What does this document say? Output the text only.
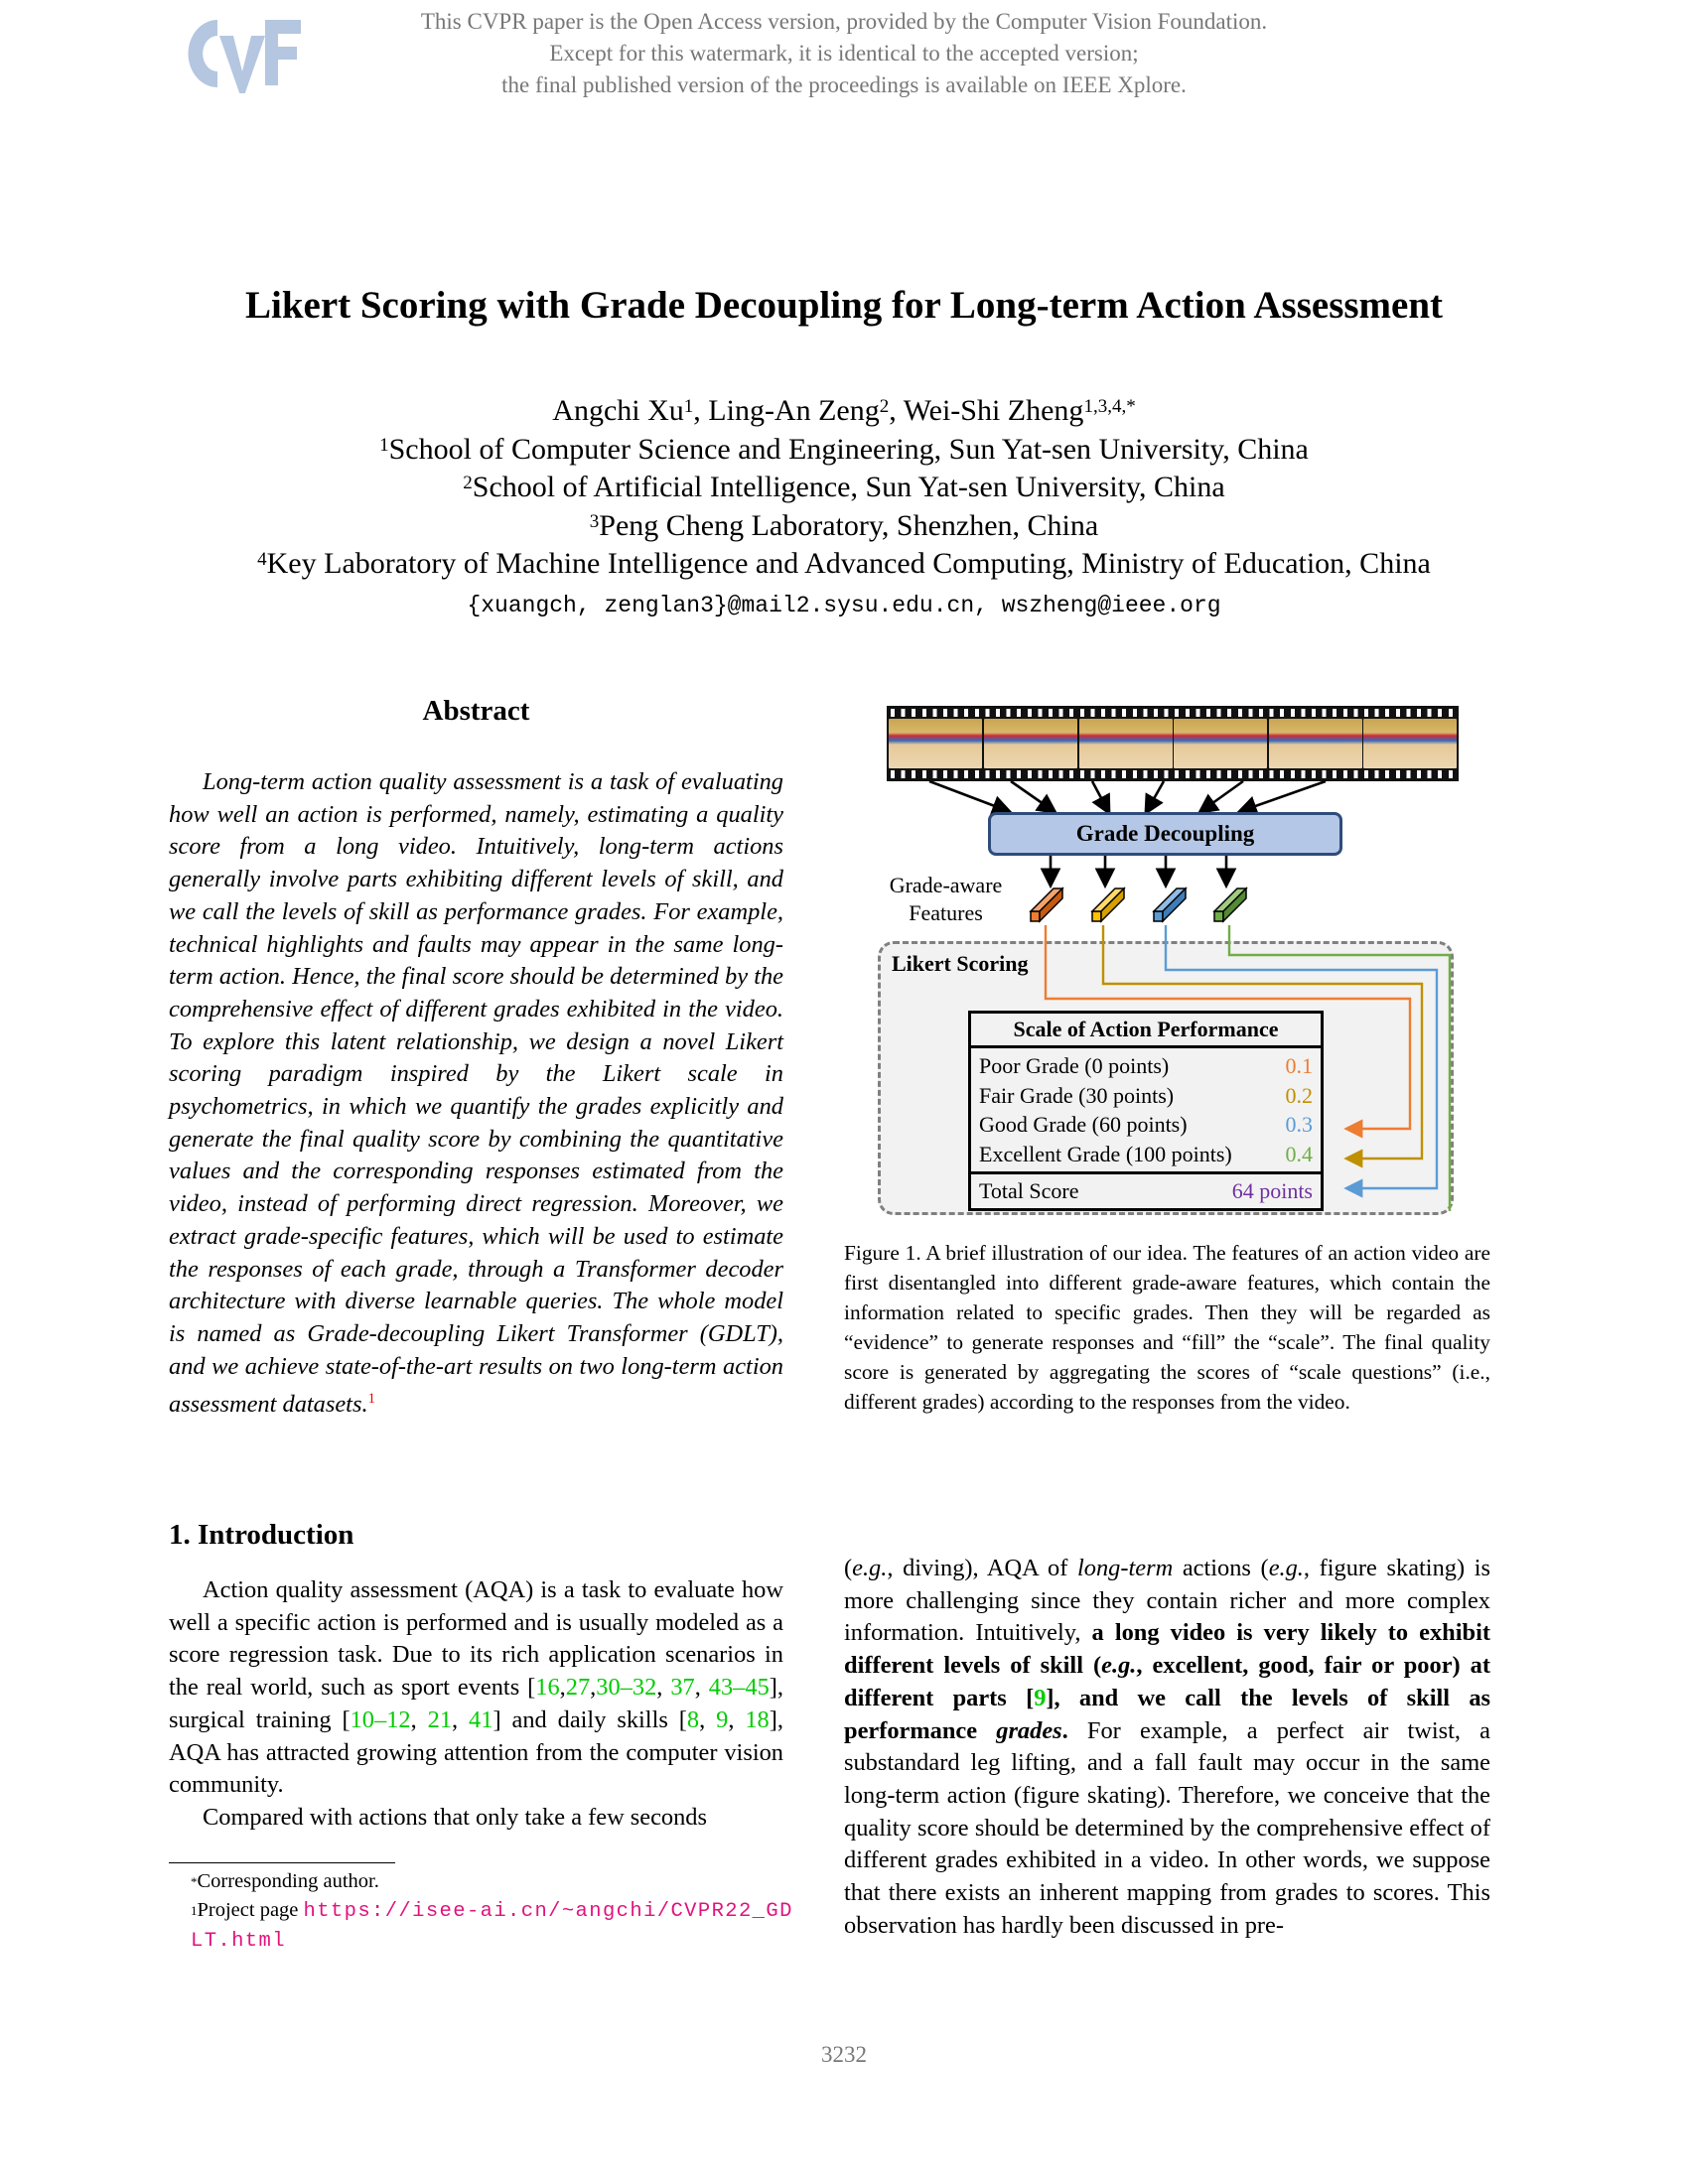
This CVPR paper is the Open Access version, provided by the Computer Vision Foundation.
Except for this watermark, it is identical to the accepted version;
the final published version of the proceedings is available on IEEE Xplore.
Likert Scoring with Grade Decoupling for Long-term Action Assessment
Angchi Xu$^1$, Ling-An Zeng$^2$, Wei-Shi Zheng$^{1,3,4,*}$
$^1$School of Computer Science and Engineering, Sun Yat-sen University, China
$^2$School of Artificial Intelligence, Sun Yat-sen University, China
$^3$Peng Cheng Laboratory, Shenzhen, China
$^4$Key Laboratory of Machine Intelligence and Advanced Computing, Ministry of Education, China
{xuangch, zenglan3}@mail2.sysu.edu.cn, wszheng@ieee.org
Abstract
Long-term action quality assessment is a task of evaluating how well an action is performed, namely, estimating a quality score from a long video. Intuitively, long-term actions generally involve parts exhibiting different levels of skill, and we call the levels of skill as performance grades. For example, technical highlights and faults may appear in the same long-term action. Hence, the final score should be determined by the comprehensive effect of different grades exhibited in the video. To explore this latent relationship, we design a novel Likert scoring paradigm inspired by the Likert scale in psychometrics, in which we quantify the grades explicitly and generate the final quality score by combining the quantitative values and the corresponding responses estimated from the video, instead of performing direct regression. Moreover, we extract grade-specific features, which will be used to estimate the responses of each grade, through a Transformer decoder architecture with diverse learnable queries. The whole model is named as Grade-decoupling Likert Transformer (GDLT), and we achieve state-of-the-art results on two long-term action assessment datasets.$^1$
Grade Decoupling
Grade-aware
Features
Likert Scoring
Scale of Action Performance
Poor Grade (0 points)	0.1
Fair Grade (30 points)	0.2
Good Grade (60 points)	0.3
Excellent Grade (100 points) 0.4
Total Score	64 points
Figure 1. A brief illustration of our idea. The features of an action video are first disentangled into different grade-aware features, which contain the information related to specific grades. Then they will be regarded as “evidence” to generate responses and “fill” the “scale”. The final quality score is generated by aggregating the scores of “scale questions” (i.e., different grades) according to the responses from the video.
1. Introduction
Action quality assessment (AQA) is a task to evaluate how well a specific action is performed and is usually modeled as a score regression task. Due to its rich application scenarios in the real world, such as sport events [16,27,30–32, 37, 43–45], surgical training [10–12, 21, 41] and daily skills [8, 9, 18], AQA has attracted growing attention from the computer vision community.
Compared with actions that only take a few seconds
(e.g., diving), AQA of long-term actions (e.g., figure skating) is more challenging since they contain richer and more complex information. Intuitively, a long video is very likely to exhibit different levels of skill (e.g., excellent, good, fair or poor) at different parts [9], and we call the levels of skill as performance grades. For example, a perfect air twist, a substandard leg lifting, and a fall fault may occur in the same long-term action (figure skating). Therefore, we conceive that the quality score should be determined by the comprehensive effect of different grades exhibited in a video. In other words, we suppose that there exists an inherent mapping from grades to scores. This observation has hardly been discussed in pre-
*Corresponding author.
$^1$Project page https://isee-ai.cn/~angchi/CVPR22_GDLT.html
3232
